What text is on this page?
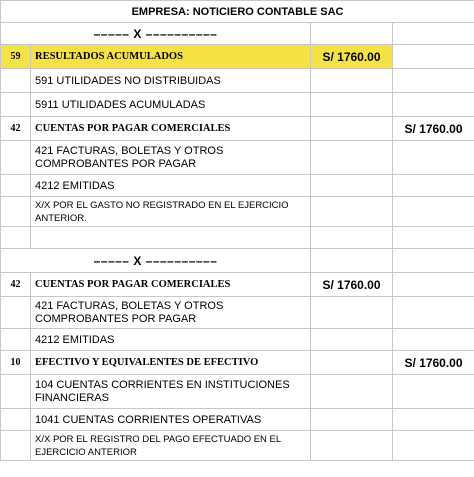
EMPRESA: NOTICIERO CONTABLE SAC			
––––– X ––––––––––			
59	RESULTADOS ACUMULADOS	S/ 1760.00	
	591 UTILIDADES NO DISTRIBUIDAS		
	5911 UTILIDADES ACUMULADAS		
42	CUENTAS POR PAGAR COMERCIALES		S/ 1760.00
	421 FACTURAS, BOLETAS Y OTROS COMPROBANTES POR PAGAR		
	4212 EMITIDAS		
	X/X POR EL GASTO NO REGISTRADO EN EL EJERCICIO ANTERIOR.		

––––– X ––––––––––			
42	CUENTAS POR PAGAR COMERCIALES	S/ 1760.00	
	421 FACTURAS, BOLETAS Y OTROS COMPROBANTES POR PAGAR		
	4212 EMITIDAS		
10	EFECTIVO Y EQUIVALENTES DE EFECTIVO		S/ 1760.00
	104 CUENTAS CORRIENTES EN INSTITUCIONES FINANCIERAS		
	1041 CUENTAS CORRIENTES OPERATIVAS		
	X/X POR EL REGISTRO DEL PAGO EFECTUADO EN EL EJERCICIO ANTERIOR		
